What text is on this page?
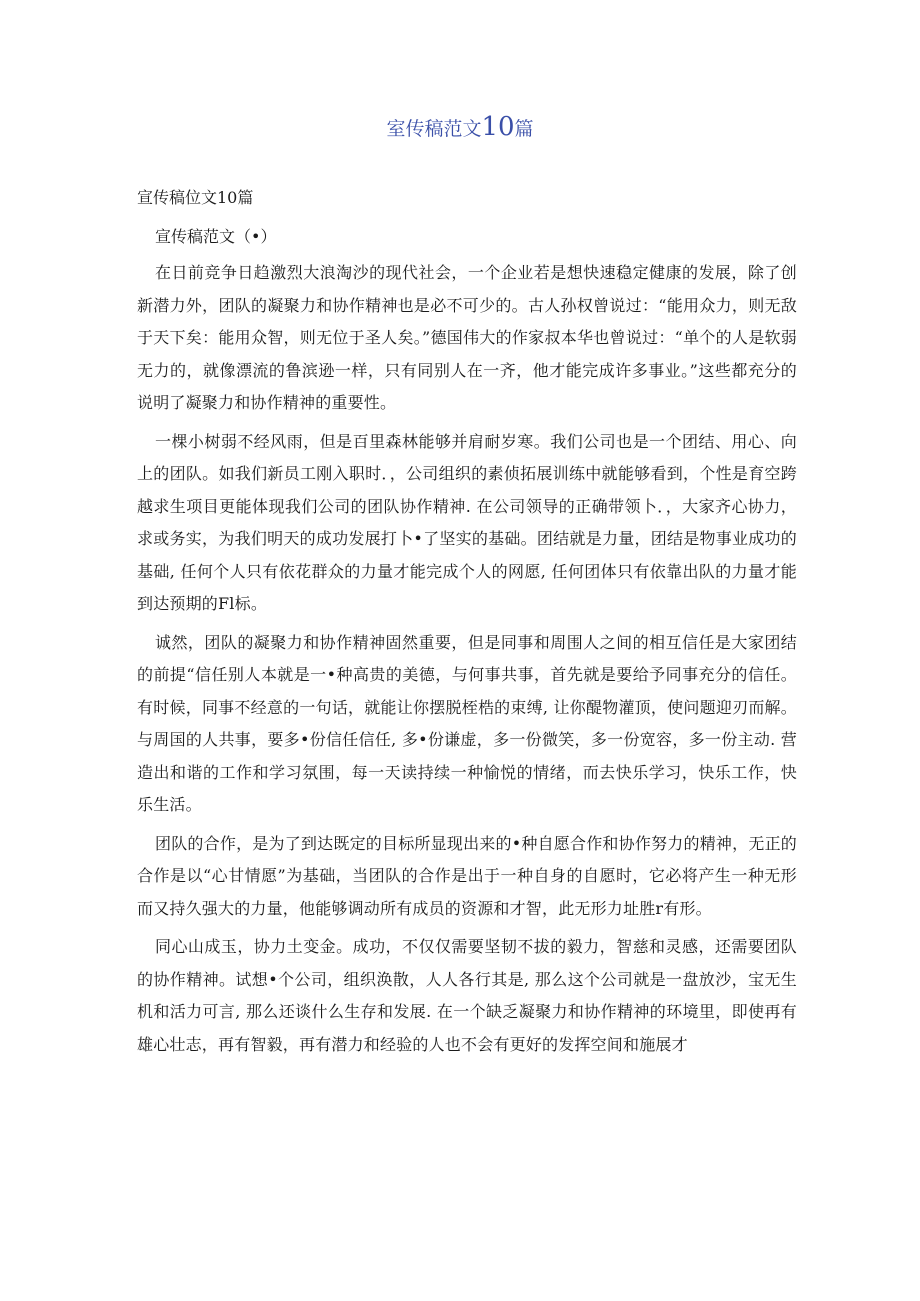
室传稿范文10篇
宣传稿位文10篇
宣传稿范文（•）

在日前竞争日趋激烈大浪淘沙的现代社会，一个企业若是想快速稳定健康的发展，除了创新潜力外，团队的凝聚力和协作精神也是必不可少的。古人孙权曾说过：“能用众力，则无敌于天下矣：能用众智，则无位于圣人矣。”德国伟大的作家叔本华也曾说过：“单个的人是软弱无力的，就像漂流的鲁滨逊一样，只有同别人在一齐，他才能完成许多事业。”这些都充分的说明了凝聚力和协作精神的重要性。

一棵小树弱不经风雨，但是百里森林能够并肩耐岁寒。我们公司也是一个团结、用心、向上的团队。如我们新员工刚入职时．，公司组织的素侦拓展训练中就能够看到，个性是育空跨越求生项目更能体现我们公司的团队协作精神. 在公司领导的正确带领卜．，大家齐心协力，求或务实，为我们明天的成功发展打卜•了坚实的基础。团结就是力量，团结是物事业成功的基础, 任何个人只有依花群众的力量才能完成个人的网愿, 任何团体只有依靠出队的力量才能到达预期的Fl标。

诚然，团队的凝聚力和协作精神固然重要，但是同事和周围人之间的相互信任是大家团结的前提“信任别人本就是一•种高贵的美德，与何事共事，首先就是要给予同事充分的信任。有时候，同事不经意的一句话，就能让你摆脱桎梏的束缚, 让你醍物灌顶，使问题迎刃而解。与周国的人共事，要多•份信任信任, 多•份谦虚，多一份微笑，多一份宽容，多一份主动. 营造出和谐的工作和学习氛围，每一天读持续一种愉悦的情绪，而去快乐学习，快乐工作，快乐生活。

团队的合作，是为了到达既定的目标所显现出来的•种自愿合作和协作努力的精神，无正的合作是以“心甘情愿”为基础，当团队的合作是出于一种自身的自愿时，它必将产生一种无形而又持久强大的力量，他能够调动所有成员的资源和才智，此无形力址胜r有形。

同心山成玉，协力土变金。成功，不仅仅需要坚韧不拔的毅力，智慈和灵感，还需要团队的协作精神。试想•个公司，组织涣散，人人各行其是, 那么这个公司就是一盘放沙，宝无生机和活力可言, 那么还谈什么生存和发展. 在一个缺乏凝聚力和协作精神的环境里，即使再有雄心壮志，再有智毅，再有潜力和经验的人也不会有更好的发挥空间和施展才
